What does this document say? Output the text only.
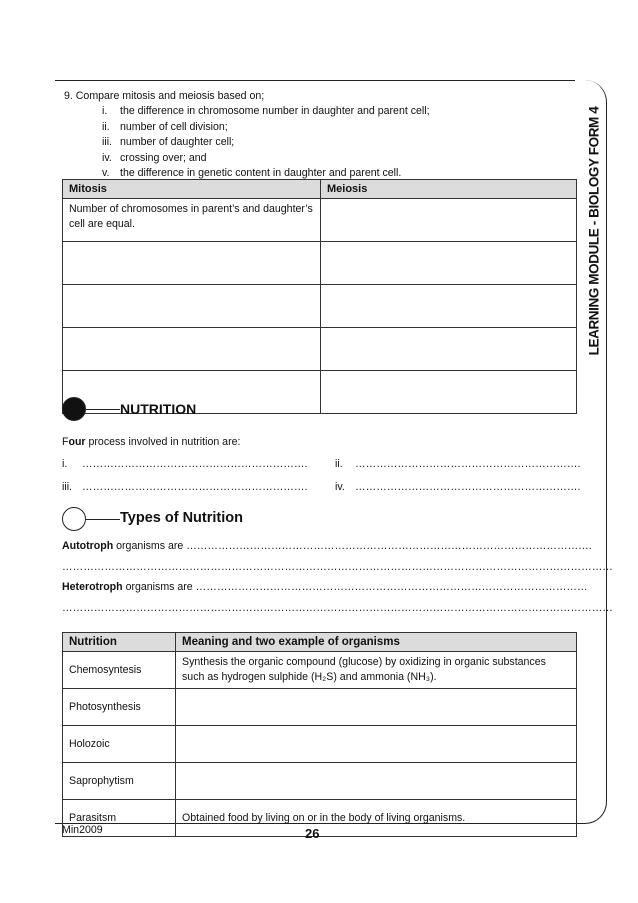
LEARNING MODULE - BIOLOGY FORM 4
9. Compare mitosis and meiosis based on;
i. the difference in chromosome number in daughter and parent cell;
ii. number of cell division;
iii. number of daughter cell;
iv. crossing over; and
v. the difference in genetic content in daughter and parent cell.
Mitosis	Meiosis
Number of chromosomes in parent’s and daughter’s cell are equal.	

NUTRITION
Four process involved in nutrition are:
i. ……………………………………………………….	ii. ……………………………………………………….
iii. ……………………………………………………….	iv. ……………………………………………………….
Types of Nutrition
Autotroph organisms are …………………………………………………………………………………………………….
…………………………………………………………………………………………………………………………………………
Heterotroph organisms are …………………………………………………………………………………………………
…………………………………………………………………………………………………………………………………………
Nutrition	Meaning and two example of organisms
Chemosyntesis	Synthesis the organic compound (glucose) by oxidizing in organic substances such as hydrogen sulphide (H₂S) and ammonia (NH₃).
Photosynthesis	
Holozoic	
Saprophytism	
Parasitsm	Obtained food by living on or in the body of living organisms.
Min2009	26
